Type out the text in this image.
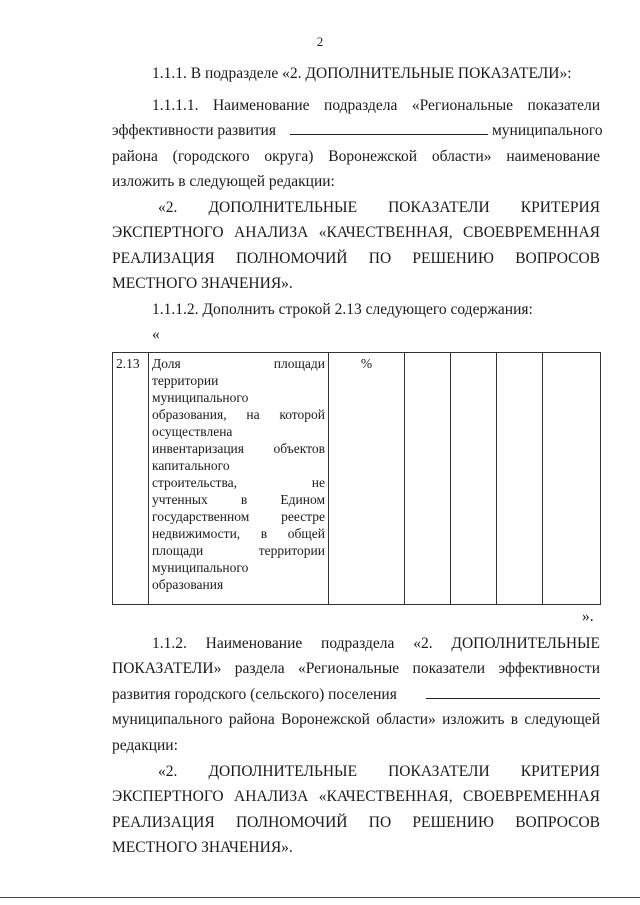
2
1.1.1. В подразделе «2. ДОПОЛНИТЕЛЬНЫЕ ПОКАЗАТЕЛИ»:
1.1.1.1. Наименование подраздела «Региональные показатели
эффективности развития	муниципального
района (городского округа) Воронежской области» наименование
изложить в следующей редакции:
«2. ДОПОЛНИТЕЛЬНЫЕ ПОКАЗАТЕЛИ КРИТЕРИЯ
ЭКСПЕРТНОГО АНАЛИЗА «КАЧЕСТВЕННАЯ, СВОЕВРЕМЕННАЯ
РЕАЛИЗАЦИЯ ПОЛНОМОЧИЙ ПО РЕШЕНИЮ ВОПРОСОВ
МЕСТНОГО ЗНАЧЕНИЯ».
1.1.1.2. Дополнить строкой 2.13 следующего содержания:
«
2.13	Доля площади
территории
муниципального
образования, на которой
осуществлена
инвентаризация объектов
капитального
строительства, не
учтенных в Едином
государственном реестре
недвижимости, в общей
площади территории
муниципального
образования
	%				
».
1.1.2. Наименование подраздела «2. ДОПОЛНИТЕЛЬНЫЕ
ПОКАЗАТЕЛИ» раздела «Региональные показатели эффективности
развития городского (сельского) поселения
муниципального района Воронежской области» изложить в следующей
редакции:
«2. ДОПОЛНИТЕЛЬНЫЕ ПОКАЗАТЕЛИ КРИТЕРИЯ
ЭКСПЕРТНОГО АНАЛИЗА «КАЧЕСТВЕННАЯ, СВОЕВРЕМЕННАЯ
РЕАЛИЗАЦИЯ ПОЛНОМОЧИЙ ПО РЕШЕНИЮ ВОПРОСОВ
МЕСТНОГО ЗНАЧЕНИЯ».
